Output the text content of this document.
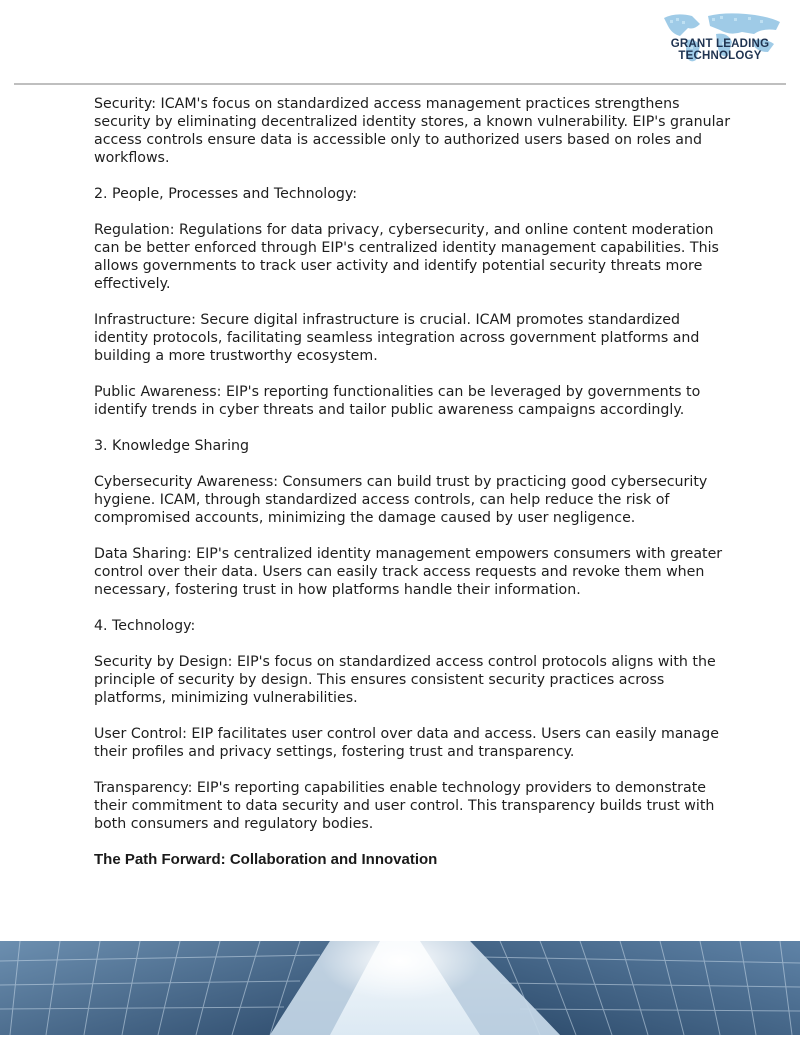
GRANT LEADING
TECHNOLOGY

Security: ICAM's focus on standardized access management practices strengthens security by eliminating decentralized identity stores, a known vulnerability. EIP's granular access controls ensure data is accessible only to authorized users based on roles and workflows.

2. People, Processes and Technology:

Regulation: Regulations for data privacy, cybersecurity, and online content moderation can be better enforced through EIP's centralized identity management capabilities. This allows governments to track user activity and identify potential security threats more effectively.

Infrastructure: Secure digital infrastructure is crucial. ICAM promotes standardized identity protocols, facilitating seamless integration across government platforms and building a more trustworthy ecosystem.

Public Awareness: EIP's reporting functionalities can be leveraged by governments to identify trends in cyber threats and tailor public awareness campaigns accordingly.

3. Knowledge Sharing

Cybersecurity Awareness: Consumers can build trust by practicing good cybersecurity hygiene. ICAM, through standardized access controls, can help reduce the risk of compromised accounts, minimizing the damage caused by user negligence.

Data Sharing: EIP's centralized identity management empowers consumers with greater control over their data. Users can easily track access requests and revoke them when necessary, fostering trust in how platforms handle their information.

4. Technology:

Security by Design: EIP's focus on standardized access control protocols aligns with the principle of security by design. This ensures consistent security practices across platforms, minimizing vulnerabilities.

User Control: EIP facilitates user control over data and access. Users can easily manage their profiles and privacy settings, fostering trust and transparency.

Transparency: EIP's reporting capabilities enable technology providers to demonstrate their commitment to data security and user control. This transparency builds trust with both consumers and regulatory bodies.

The Path Forward: Collaboration and Innovation
